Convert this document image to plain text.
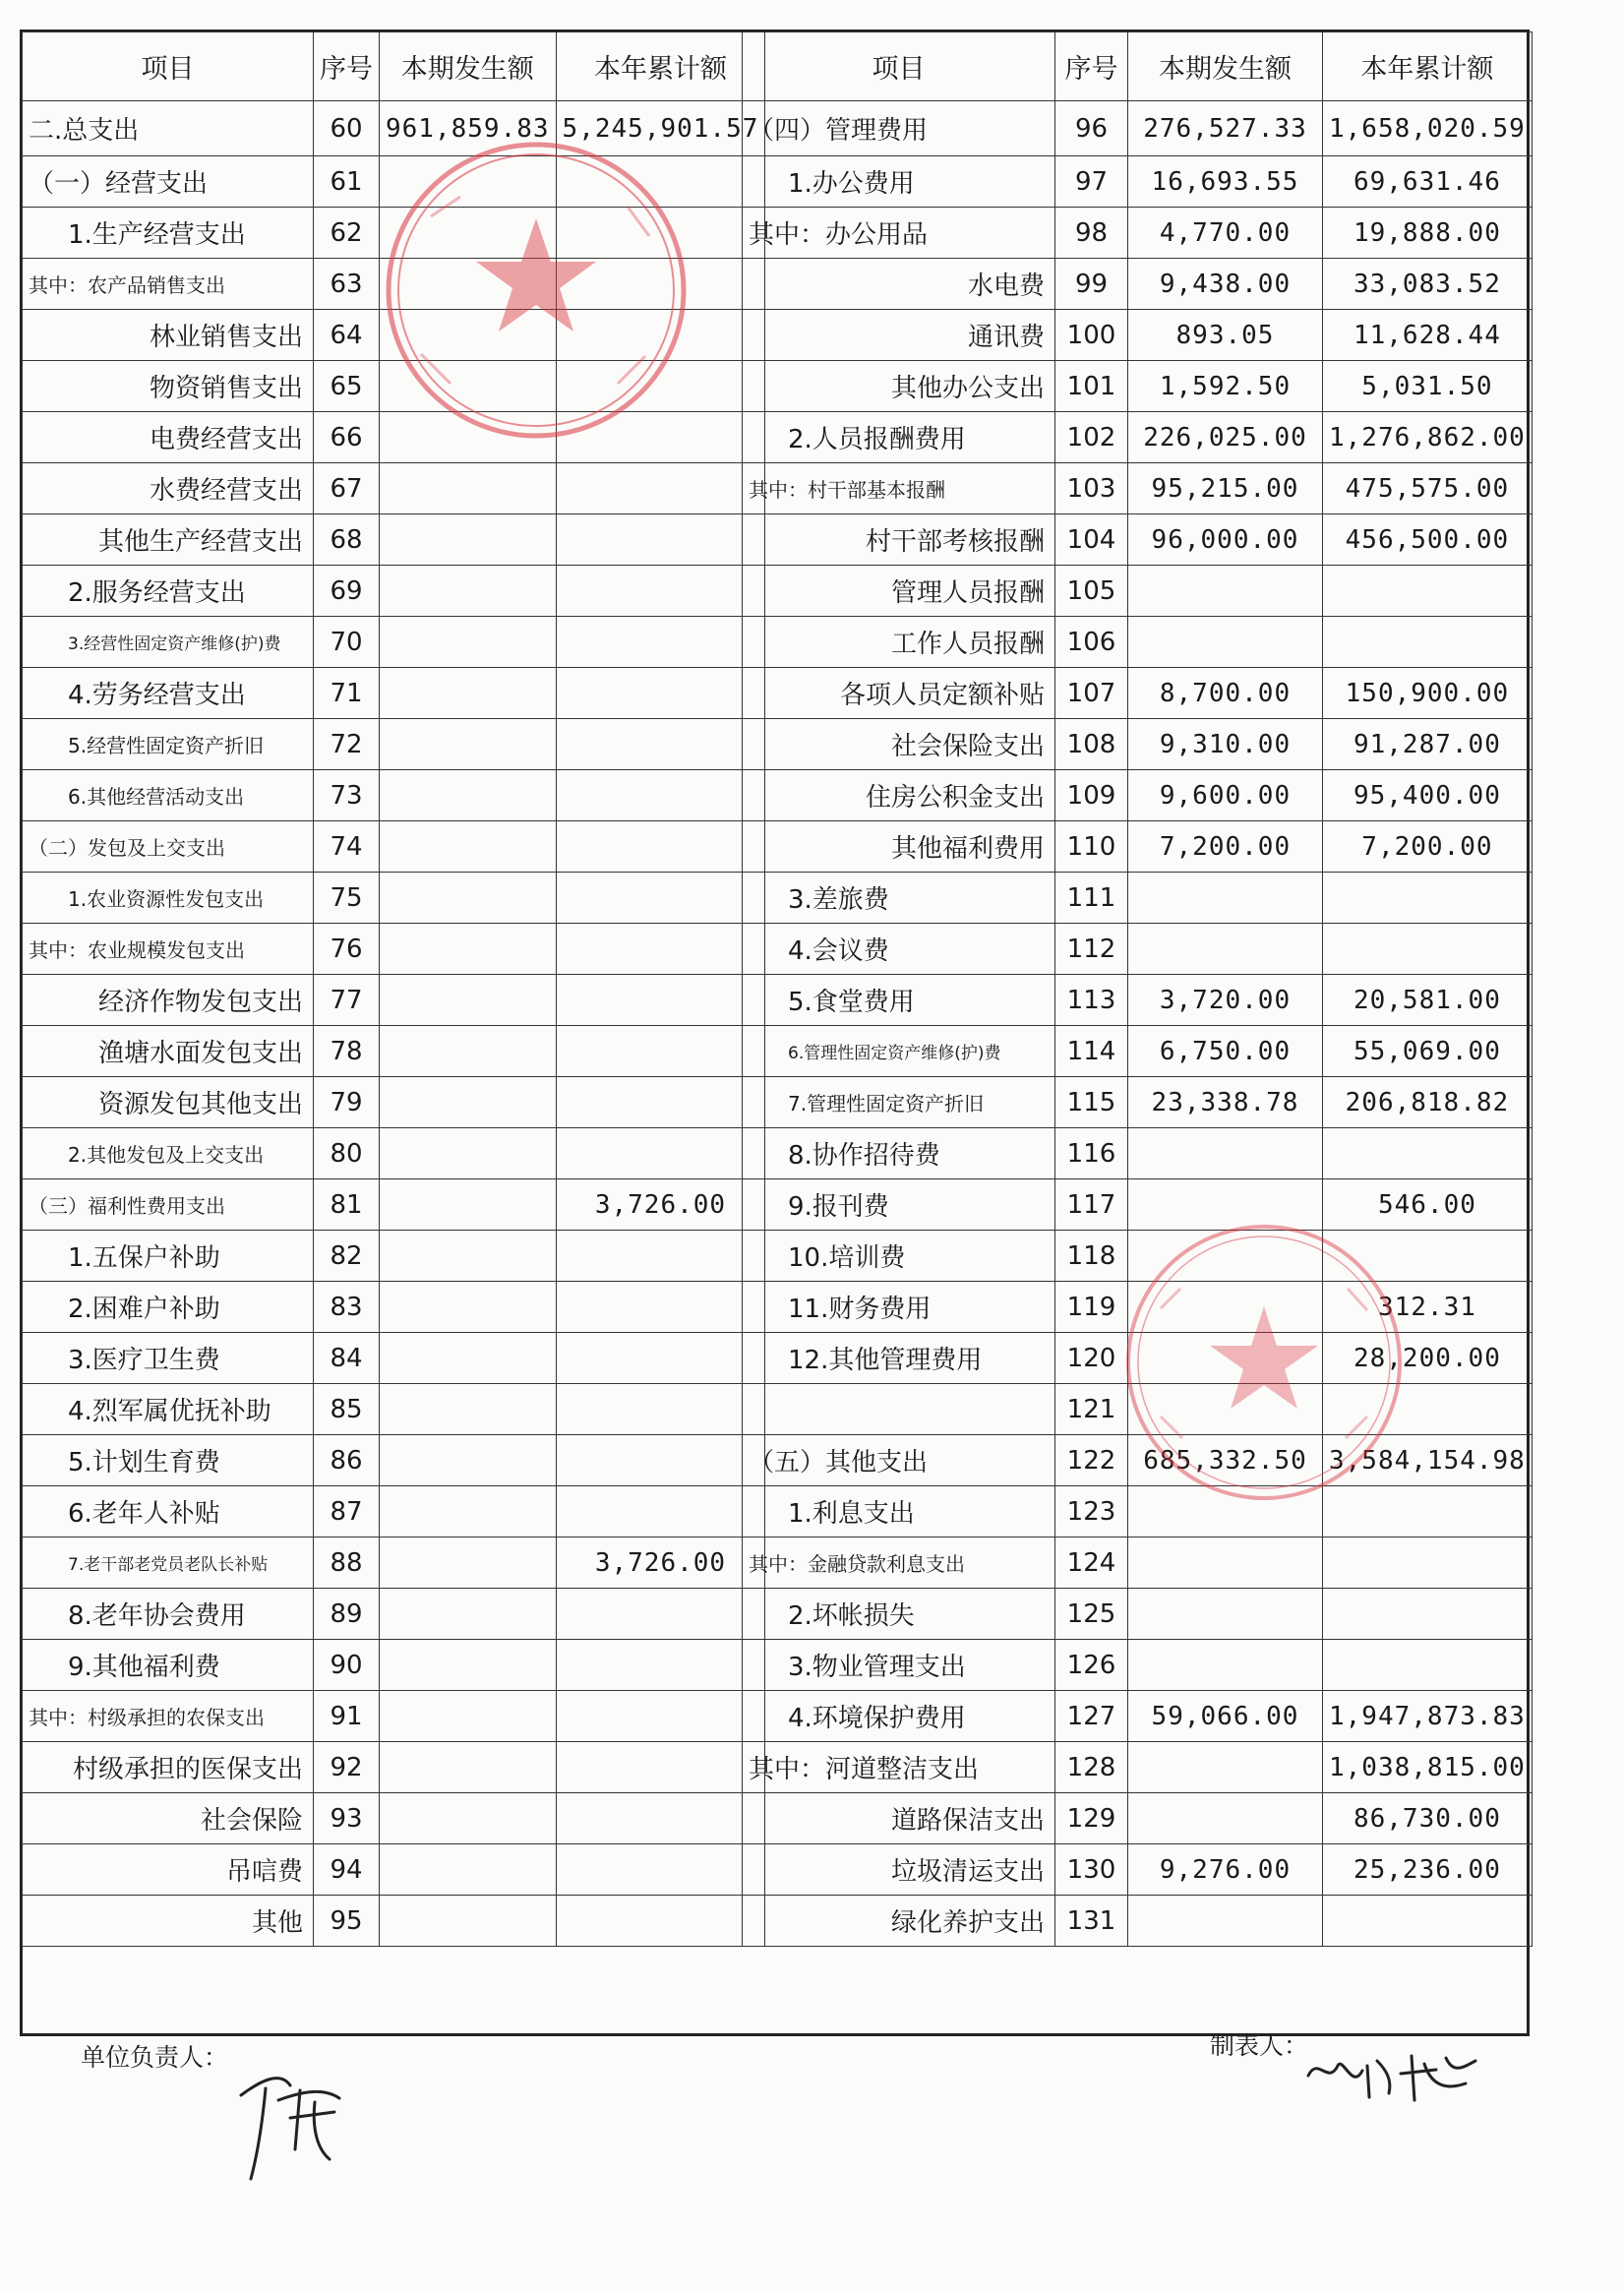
项目	序号	本期发生额	本年累计额
二.总支出	60	961,859.83	5,245,901.57
（一）经营支出	61		
1.生产经营支出	62		
其中：农产品销售支出	63		
林业销售支出	64		
物资销售支出	65		
电费经营支出	66		
水费经营支出	67		
其他生产经营支出	68		
2.服务经营支出	69		
3.经营性固定资产维修(护)费	70		
4.劳务经营支出	71		
5.经营性固定资产折旧	72		
6.其他经营活动支出	73		
（二）发包及上交支出	74		
1.农业资源性发包支出	75		
其中：农业规模发包支出	76		
经济作物发包支出	77		
渔塘水面发包支出	78		
资源发包其他支出	79		
2.其他发包及上交支出	80		
（三）福利性费用支出	81		3,726.00
1.五保户补助	82		
2.困难户补助	83		
3.医疗卫生费	84		
4.烈军属优抚补助	85		
5.计划生育费	86		
6.老年人补贴	87		
7.老干部老党员老队长补贴	88		3,726.00
8.老年协会费用	89		
9.其他福利费	90		
其中：村级承担的农保支出	91		
村级承担的医保支出	92		
社会保险	93		
吊唁费	94		
其他	95		
项目	序号	本期发生额	本年累计额
（四）管理费用	96	276,527.33	1,658,020.59
1.办公费用	97	16,693.55	69,631.46
其中：办公用品	98	4,770.00	19,888.00
水电费	99	9,438.00	33,083.52
通讯费	100	893.05	11,628.44
其他办公支出	101	1,592.50	5,031.50
2.人员报酬费用	102	226,025.00	1,276,862.00
其中：村干部基本报酬	103	95,215.00	475,575.00
村干部考核报酬	104	96,000.00	456,500.00
管理人员报酬	105		
工作人员报酬	106		
各项人员定额补贴	107	8,700.00	150,900.00
社会保险支出	108	9,310.00	91,287.00
住房公积金支出	109	9,600.00	95,400.00
其他福利费用	110	7,200.00	7,200.00
3.差旅费	111		
4.会议费	112		
5.食堂费用	113	3,720.00	20,581.00
6.管理性固定资产维修(护)费	114	6,750.00	55,069.00
7.管理性固定资产折旧	115	23,338.78	206,818.82
8.协作招待费	116		
9.报刊费	117		546.00
10.培训费	118		
11.财务费用	119		312.31
12.其他管理费用	120		28,200.00
	121		
（五）其他支出	122	685,332.50	3,584,154.98
1.利息支出	123		
其中：金融贷款利息支出	124		
2.坏帐损失	125		
3.物业管理支出	126		
4.环境保护费用	127	59,066.00	1,947,873.83
其中：河道整洁支出	128		1,038,815.00
道路保洁支出	129		86,730.00
垃圾清运支出	130	9,276.00	25,236.00
绿化养护支出	131		
单位负责人：	制表人：
